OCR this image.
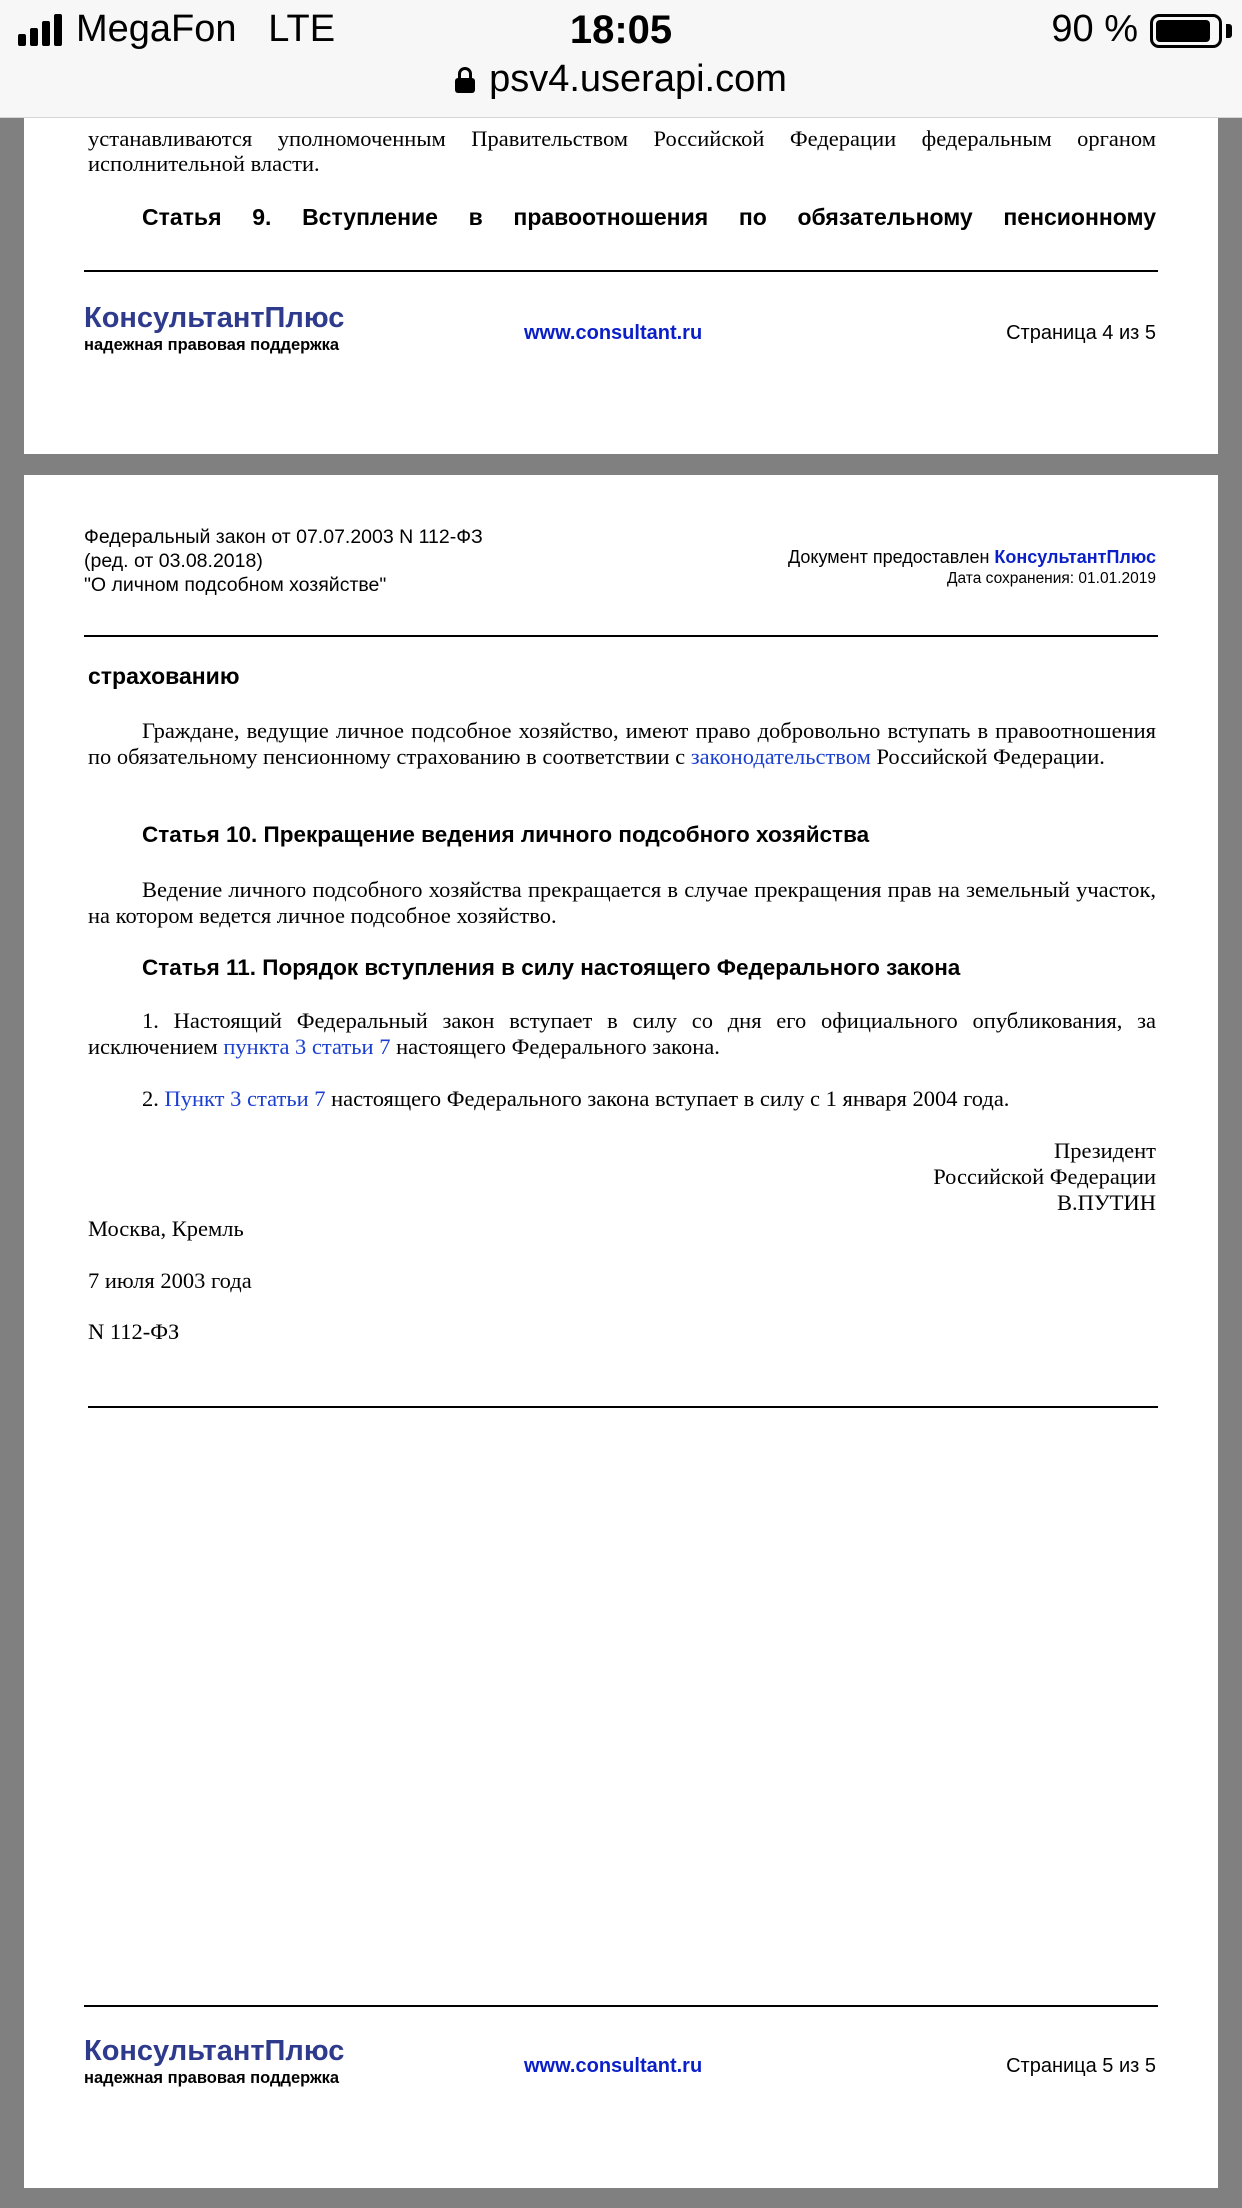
MegaFon LTE	18:05	90 %
psv4.userapi.com
устанавливаются уполномоченным Правительством Российской Федерации федеральным органом исполнительной власти.
Статья 9. Вступление в правоотношения по обязательному пенсионному
КонсультантПлюс
надежная правовая поддержка
www.consultant.ru	Страница 4 из 5
Федеральный закон от 07.07.2003 N 112-ФЗ
(ред. от 03.08.2018)
"О личном подсобном хозяйстве"
Документ предоставлен КонсультантПлюс
Дата сохранения: 01.01.2019
страхованию
Граждане, ведущие личное подсобное хозяйство, имеют право добровольно вступать в правоотношения по обязательному пенсионному страхованию в соответствии с законодательством Российской Федерации.
Статья 10. Прекращение ведения личного подсобного хозяйства
Ведение личного подсобного хозяйства прекращается в случае прекращения прав на земельный участок, на котором ведется личное подсобное хозяйство.
Статья 11. Порядок вступления в силу настоящего Федерального закона
1. Настоящий Федеральный закон вступает в силу со дня его официального опубликования, за исключением пункта 3 статьи 7 настоящего Федерального закона.
2. Пункт 3 статьи 7 настоящего Федерального закона вступает в силу с 1 января 2004 года.
Президент
Российской Федерации
В.ПУТИН
Москва, Кремль
7 июля 2003 года
N 112-ФЗ
КонсультантПлюс
надежная правовая поддержка
www.consultant.ru	Страница 5 из 5
